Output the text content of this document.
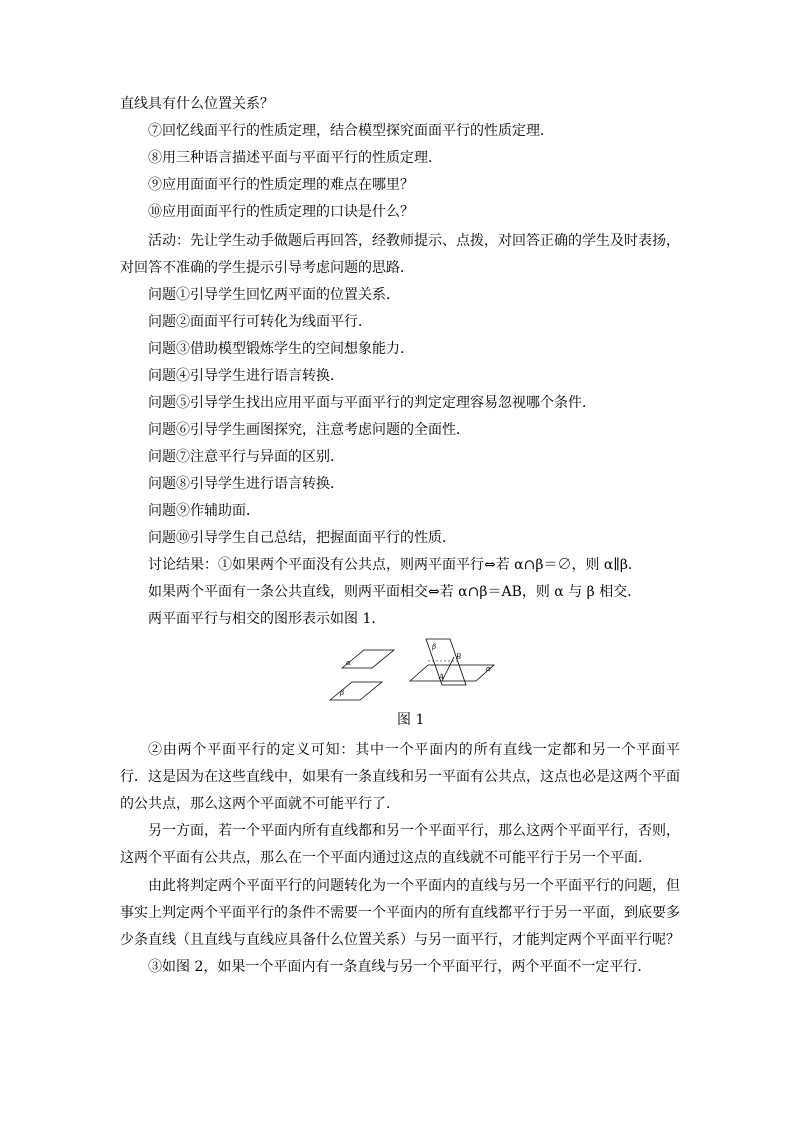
直线具有什么位置关系？
⑦回忆线面平行的性质定理，结合模型探究面面平行的性质定理．
⑧用三种语言描述平面与平面平行的性质定理．
⑨应用面面平行的性质定理的难点在哪里？
⑩应用面面平行的性质定理的口诀是什么？
活动：先让学生动手做题后再回答，经教师提示、点拨，对回答正确的学生及时表扬，
对回答不准确的学生提示引导考虑问题的思路．
问题①引导学生回忆两平面的位置关系．
问题②面面平行可转化为线面平行．
问题③借助模型锻炼学生的空间想象能力．
问题④引导学生进行语言转换．
问题⑤引导学生找出应用平面与平面平行的判定定理容易忽视哪个条件．
问题⑥引导学生画图探究，注意考虑问题的全面性．
问题⑦注意平行与异面的区别．
问题⑧引导学生进行语言转换．
问题⑨作辅助面．
问题⑩引导学生自己总结，把握面面平行的性质．
讨论结果：①如果两个平面没有公共点，则两平面平行⇔若 α∩β＝∅，则 α∥β．
如果两个平面有一条公共直线，则两平面相交⇔若 α∩β＝AB，则 α 与 β 相交．
两平面平行与相交的图形表示如图 1．
α
β
β
α
B
A
图 1
②由两个平面平行的定义可知：其中一个平面内的所有直线一定都和另一个平面平
行．这是因为在这些直线中，如果有一条直线和另一平面有公共点，这点也必是这两个平面
的公共点，那么这两个平面就不可能平行了．
另一方面，若一个平面内所有直线都和另一个平面平行，那么这两个平面平行，否则，
这两个平面有公共点，那么在一个平面内通过这点的直线就不可能平行于另一个平面．
由此将判定两个平面平行的问题转化为一个平面内的直线与另一个平面平行的问题，但
事实上判定两个平面平行的条件不需要一个平面内的所有直线都平行于另一平面，到底要多
少条直线（且直线与直线应具备什么位置关系）与另一面平行，才能判定两个平面平行呢？
③如图 2，如果一个平面内有一条直线与另一个平面平行，两个平面不一定平行．
